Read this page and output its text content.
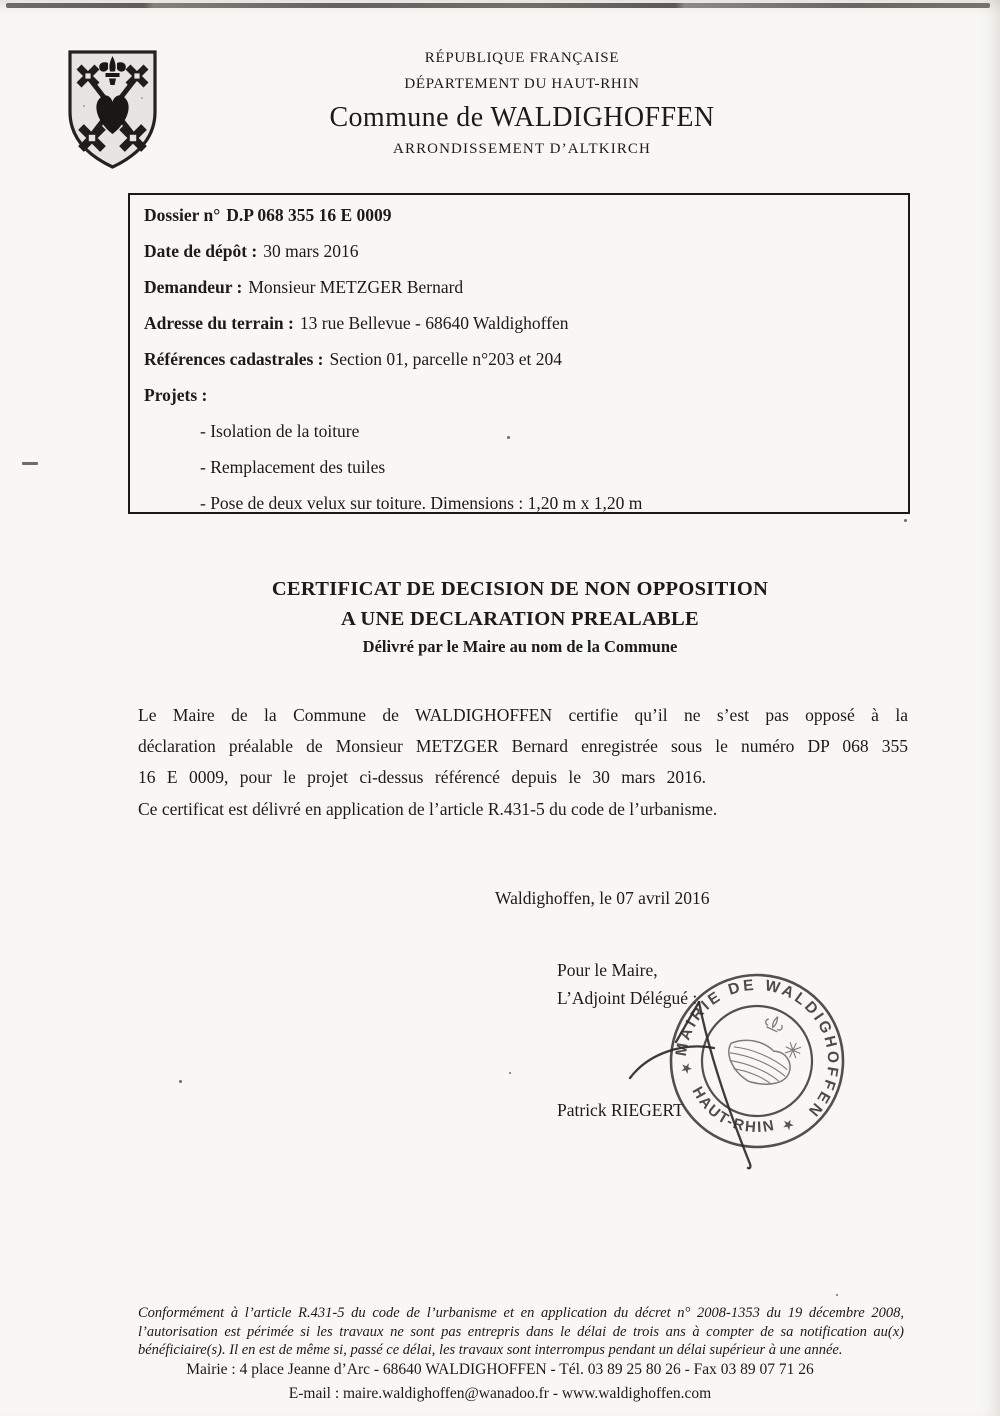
RÉPUBLIQUE FRANÇAISE
DÉPARTEMENT DU HAUT-RHIN
Commune de WALDIGHOFFEN
ARRONDISSEMENT D’ALTKIRCH
Dossier n° D.P 068 355 16 E 0009
Date de dépôt : 30 mars 2016
Demandeur : Monsieur METZGER Bernard
Adresse du terrain : 13 rue Bellevue - 68640 Waldighoffen
Références cadastrales : Section 01, parcelle n°203 et 204
Projets :
- Isolation de la toiture
- Remplacement des tuiles
- Pose de deux velux sur toiture. Dimensions : 1,20 m x 1,20 m
CERTIFICAT DE DECISION DE NON OPPOSITION
A UNE DECLARATION PREALABLE
Délivré par le Maire au nom de la Commune
Le Maire de la Commune de WALDIGHOFFEN certifie qu’il ne s’est pas opposé à la déclaration préalable de Monsieur METZGER Bernard enregistrée sous le numéro DP 068 355 16 E 0009, pour le projet ci-dessus référencé depuis le 30 mars 2016.
Ce certificat est délivré en application de l’article R.431-5 du code de l’urbanisme.
Waldighoffen, le 07 avril 2016
Pour le Maire,
L’Adjoint Délégué :
Patrick RIEGERT
MAIRIE DE WALDIGHOFFEN
HAUT-RHIN
★
★
Conformément à l’article R.431-5 du code de l’urbanisme et en application du décret n° 2008-1353 du 19 décembre 2008, l’autorisation est périmée si les travaux ne sont pas entrepris dans le délai de trois ans à compter de sa notification au(x) bénéficiaire(s). Il en est de même si, passé ce délai, les travaux sont interrompus pendant un délai supérieur à une année.
Mairie : 4 place Jeanne d’Arc - 68640 WALDIGHOFFEN - Tél. 03 89 25 80 26 - Fax 03 89 07 71 26
E-mail : maire.waldighoffen@wanadoo.fr - www.waldighoffen.com
